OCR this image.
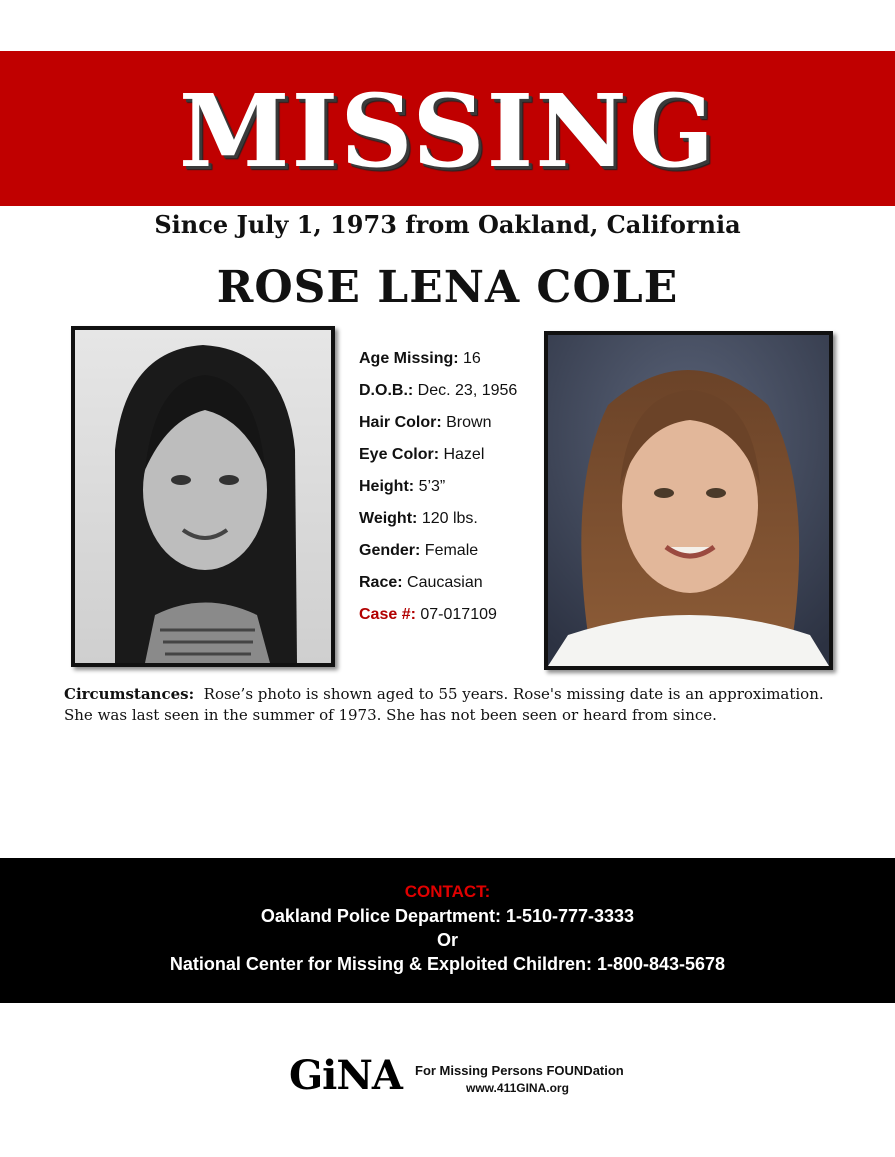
MISSING
Since July 1, 1973 from Oakland, California
ROSE LENA COLE
Age Missing: 16
D.O.B.: Dec. 23, 1956
Hair Color: Brown
Eye Color: Hazel
Height: 5’3”
Weight: 120 lbs.
Gender: Female
Race: Caucasian
Case #: 07-017109
Circumstances: Rose’s photo is shown aged to 55 years. Rose's missing date is an approximation. She was last seen in the summer of 1973. She has not been seen or heard from since.
CONTACT:
Oakland Police Department: 1-510-777-3333
Or
National Center for Missing & Exploited Children: 1-800-843-5678
GiNA For Missing Persons FOUNDation
www.411GINA.org
